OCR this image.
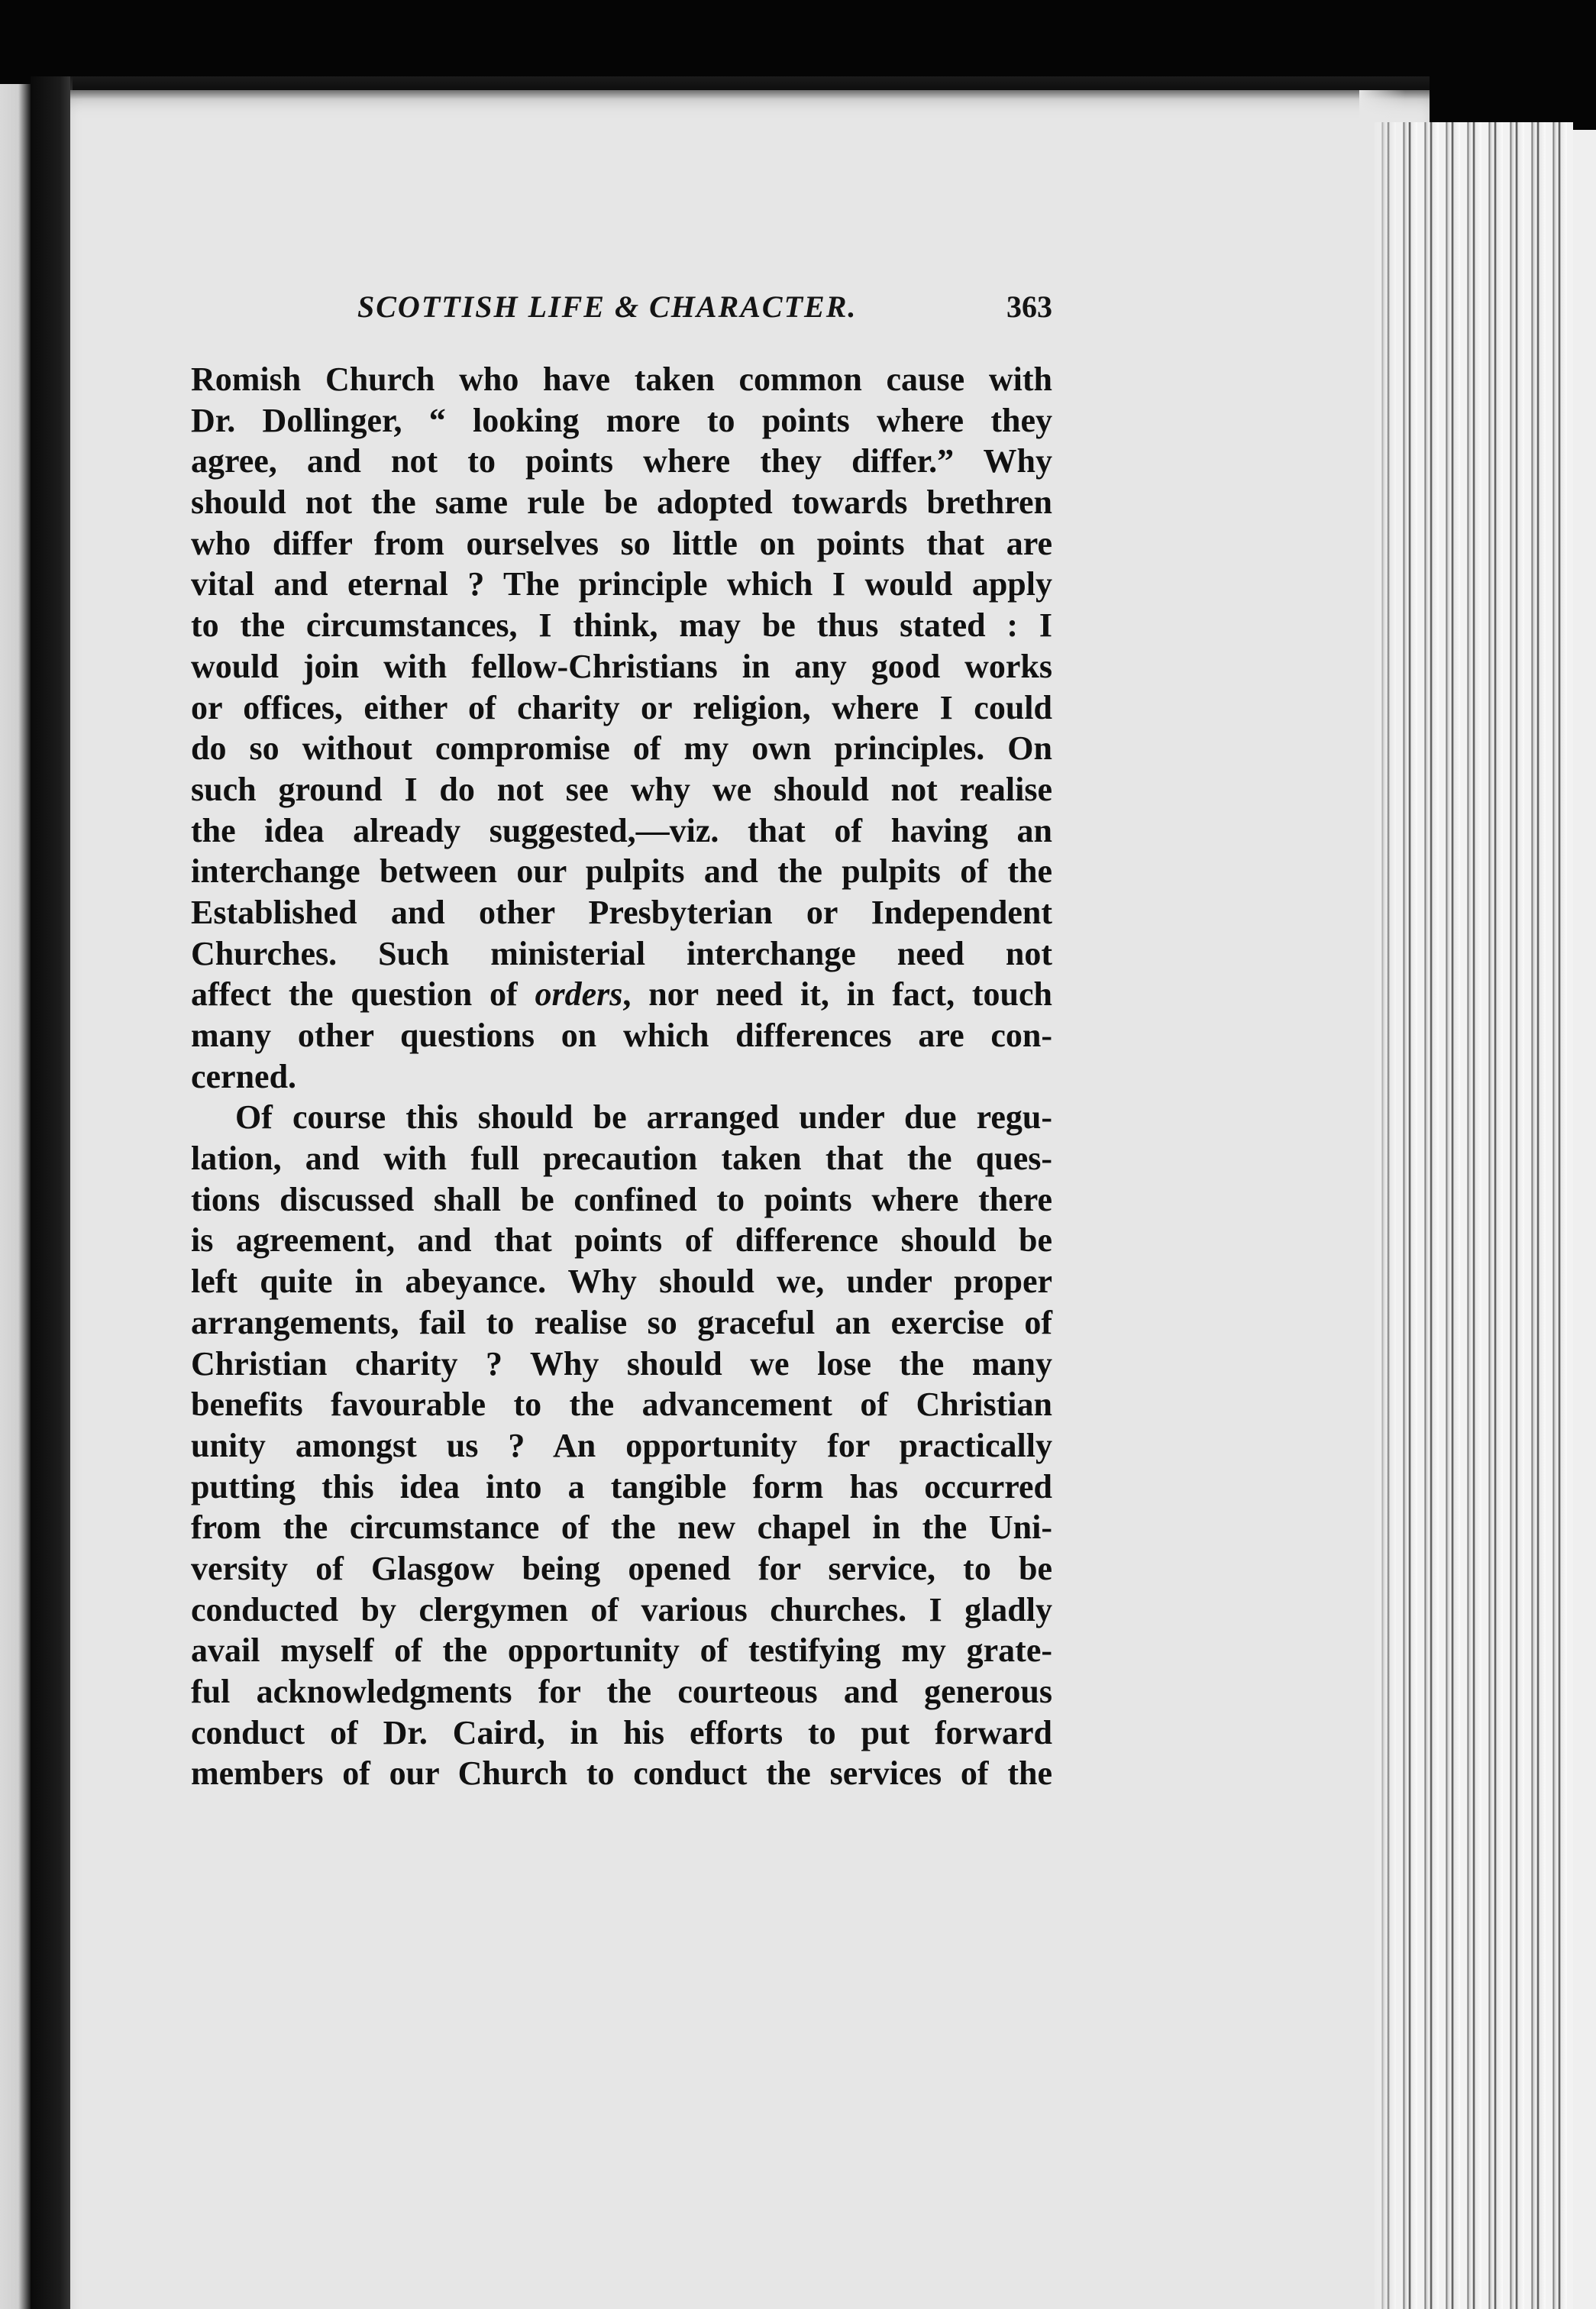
SCOTTISH LIFE & CHARACTER.	363
Romish Church who have taken common cause with
Dr. Dollinger, “ looking more to points where they
agree, and not to points where they differ.” Why
should not the same rule be adopted towards brethren
who differ from ourselves so little on points that are
vital and eternal ? The principle which I would apply
to the circumstances, I think, may be thus stated : I
would join with fellow-Christians in any good works
or offices, either of charity or religion, where I could
do so without compromise of my own principles. On
such ground I do not see why we should not realise
the idea already suggested,—viz. that of having an
interchange between our pulpits and the pulpits of the
Established and other Presbyterian or Independent
Churches. Such ministerial interchange need not
affect the question of orders, nor need it, in fact, touch
many other questions on which differences are con-
cerned.
Of course this should be arranged under due regu-
lation, and with full precaution taken that the ques-
tions discussed shall be confined to points where there
is agreement, and that points of difference should be
left quite in abeyance. Why should we, under proper
arrangements, fail to realise so graceful an exercise of
Christian charity ? Why should we lose the many
benefits favourable to the advancement of Christian
unity amongst us ? An opportunity for practically
putting this idea into a tangible form has occurred
from the circumstance of the new chapel in the Uni-
versity of Glasgow being opened for service, to be
conducted by clergymen of various churches. I gladly
avail myself of the opportunity of testifying my grate-
ful acknowledgments for the courteous and generous
conduct of Dr. Caird, in his efforts to put forward
members of our Church to conduct the services of the
